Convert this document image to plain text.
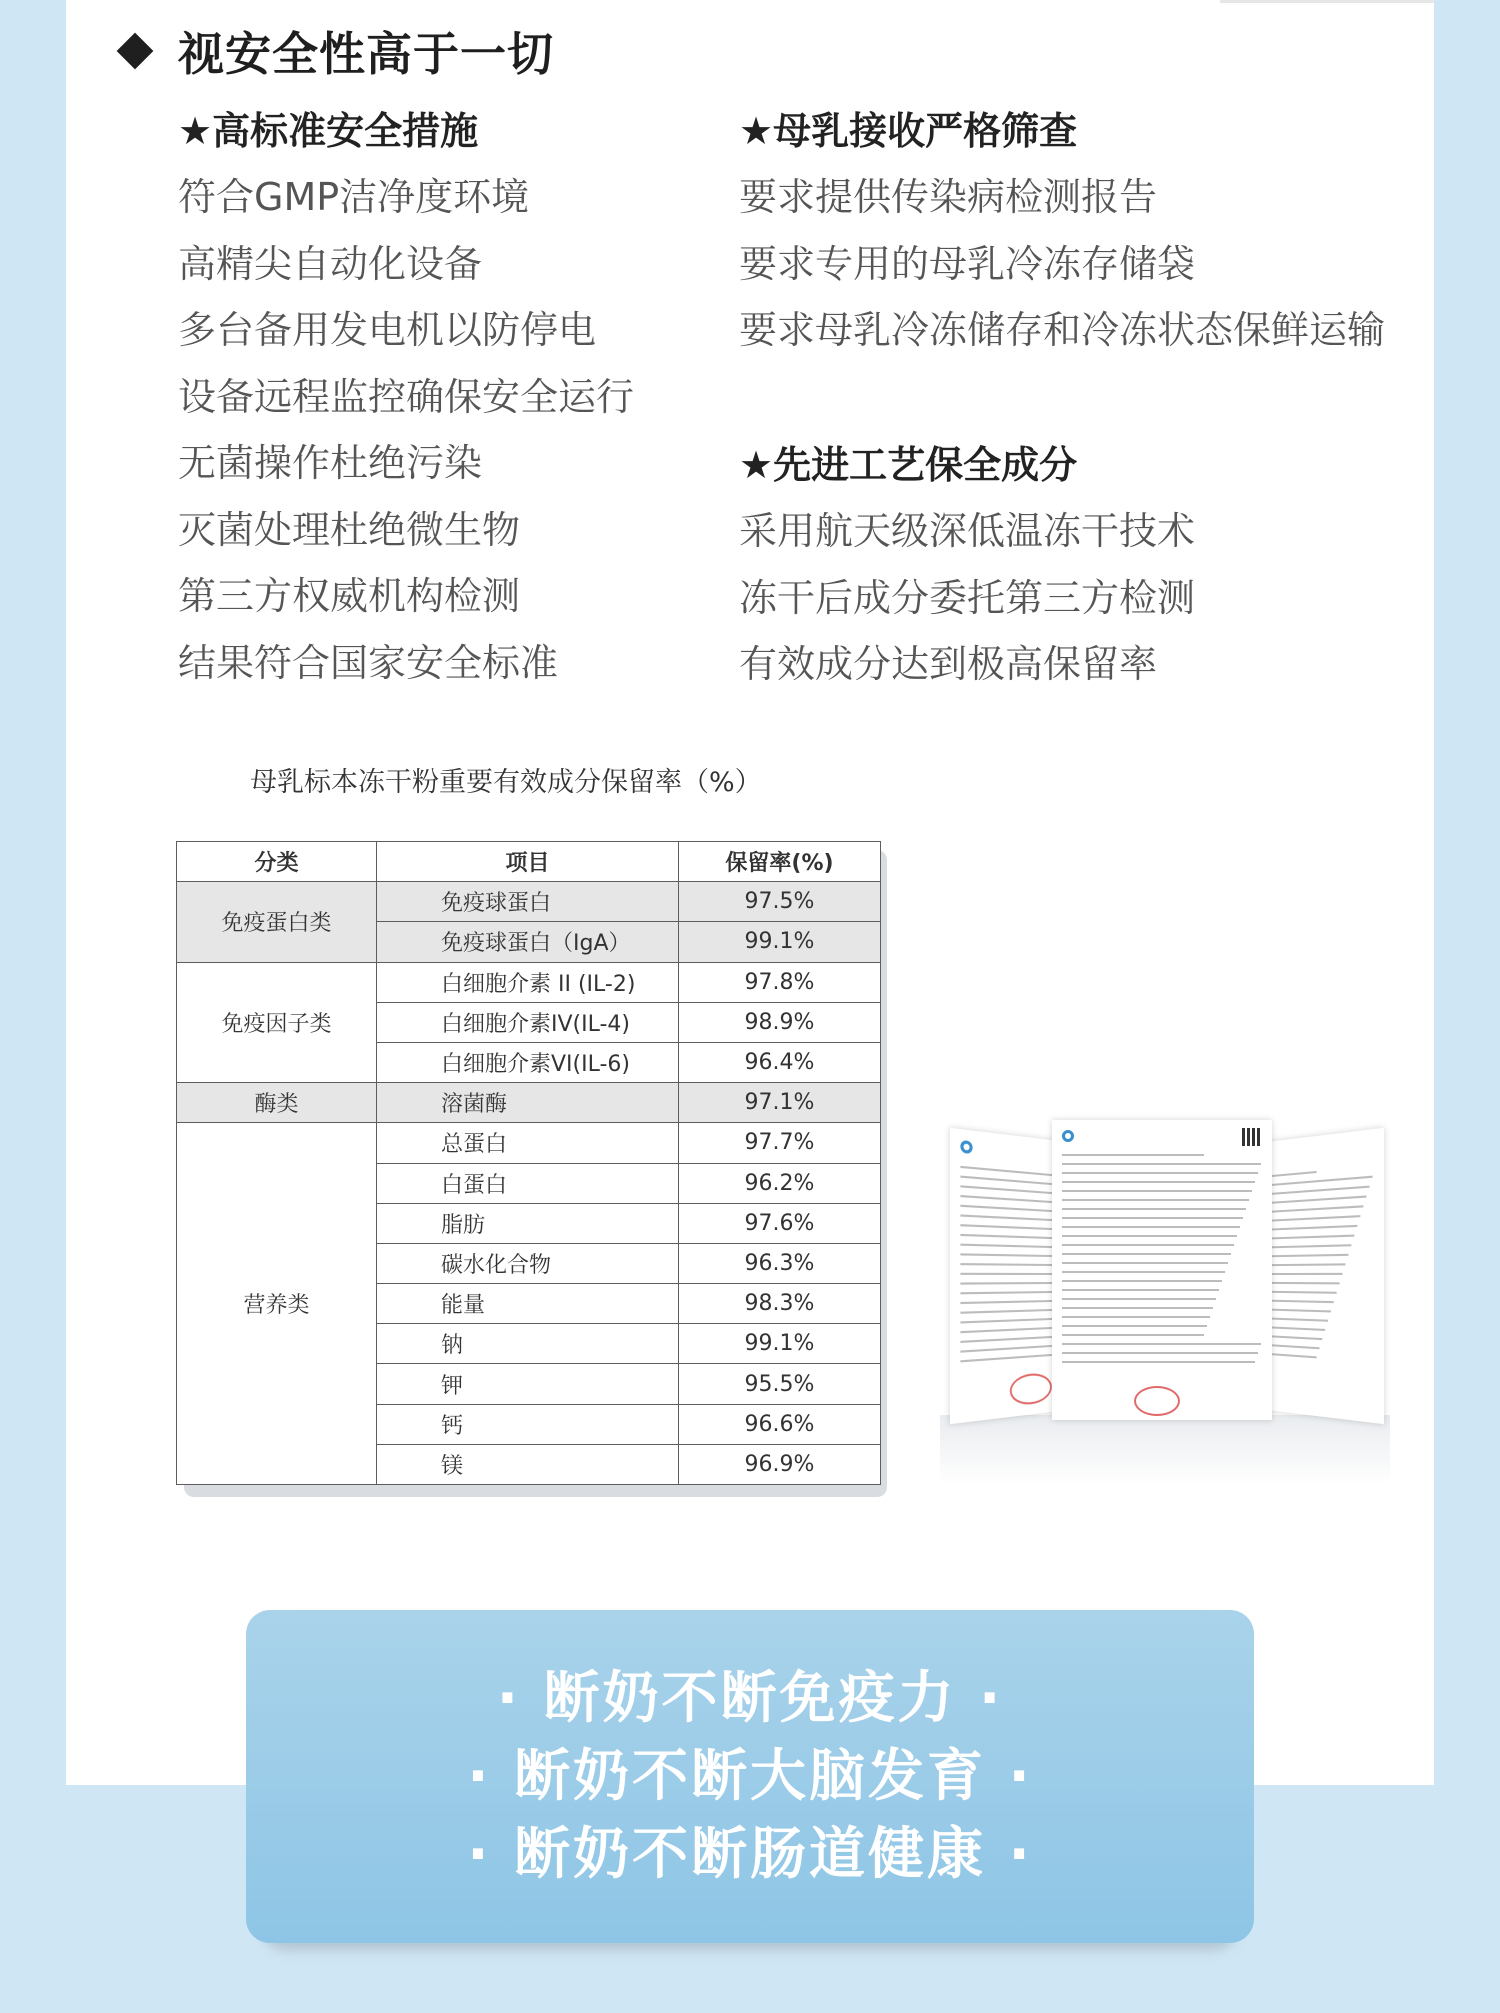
视安全性高于一切
★高标准安全措施
符合GMP洁净度环境
高精尖自动化设备
多台备用发电机以防停电
设备远程监控确保安全运行
无菌操作杜绝污染
灭菌处理杜绝微生物
第三方权威机构检测
结果符合国家安全标准
★母乳接收严格筛查
要求提供传染病检测报告
要求专用的母乳冷冻存储袋
要求母乳冷冻储存和冷冻状态保鲜运输
★先进工艺保全成分
采用航天级深低温冻干技术
冻干后成分委托第三方检测
有效成分达到极高保留率
母乳标本冻干粉重要有效成分保留率（%）
分类	项目	保留率(%)
免疫蛋白类	免疫球蛋白	97.5%
	免疫球蛋白（IgA）	99.1%
免疫因子类	白细胞介素 II (IL-2)	97.8%
	白细胞介素IV(IL-4)	98.9%
	白细胞介素VI(IL-6)	96.4%
酶类	溶菌酶	97.1%
营养类	总蛋白	97.7%
	白蛋白	96.2%
	脂肪	97.6%
	碳水化合物	96.3%
	能量	98.3%
	钠	99.1%
	钾	95.5%
	钙	96.6%
	镁	96.9%
· 断奶不断免疫力 ·
· 断奶不断大脑发育 ·
· 断奶不断肠道健康 ·
